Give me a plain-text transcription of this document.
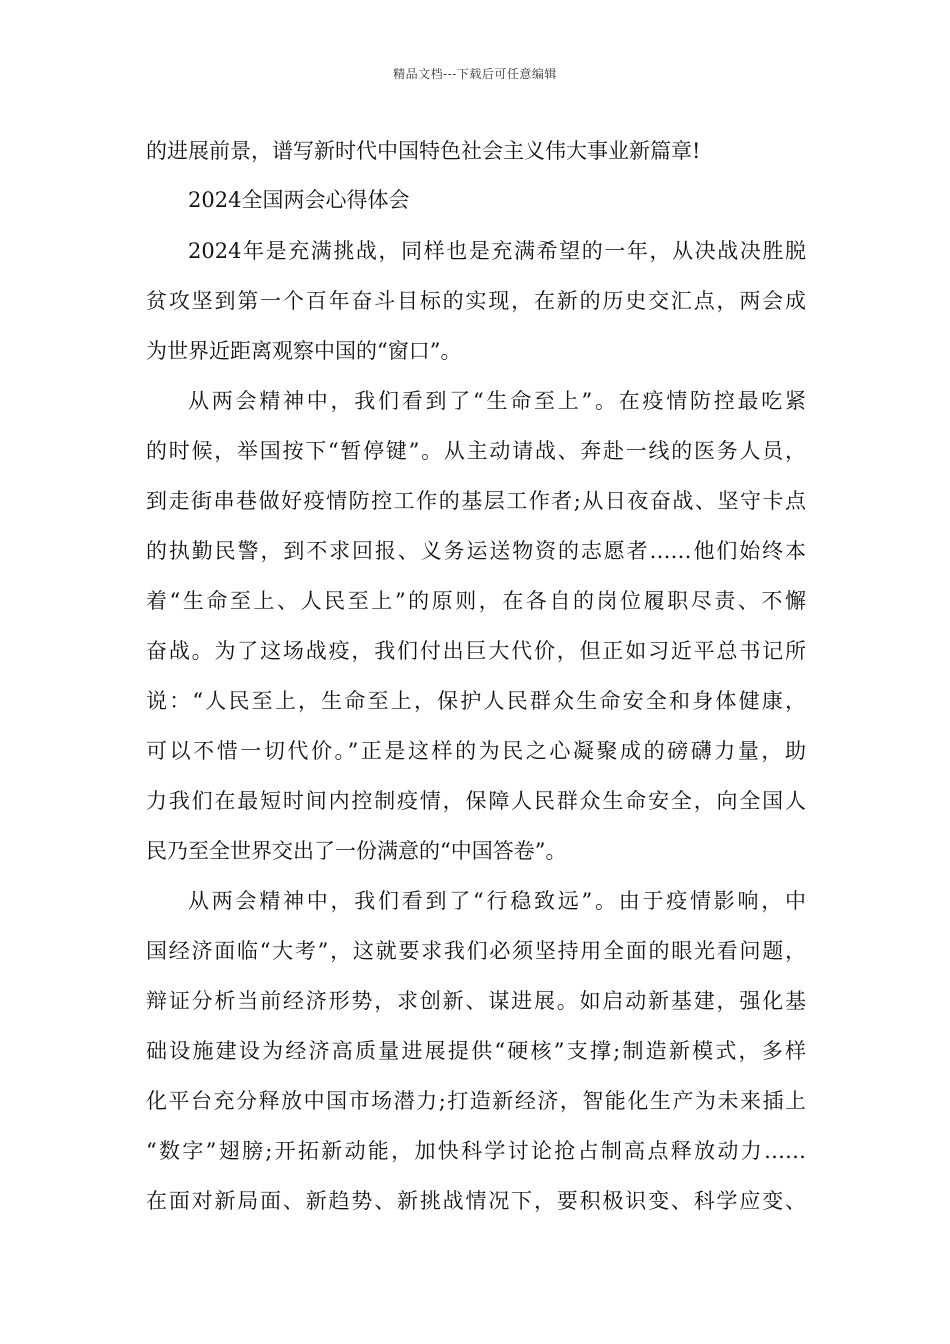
精品文档---下载后可任意编辑
的进展前景，谱写新时代中国特色社会主义伟大事业新篇章!
2024全国两会心得体会
2024年是充满挑战，同样也是充满希望的一年，从决战决胜脱
贫攻坚到第一个百年奋斗目标的实现，在新的历史交汇点，两会成
为世界近距离观察中国的“窗口”。
从两会精神中，我们看到了“生命至上”。在疫情防控最吃紧
的时候，举国按下“暂停键”。从主动请战、奔赴一线的医务人员，
到走街串巷做好疫情防控工作的基层工作者;从日夜奋战、坚守卡点
的执勤民警，到不求回报、义务运送物资的志愿者……他们始终本
着“生命至上、人民至上”的原则，在各自的岗位履职尽责、不懈
奋战。为了这场战疫，我们付出巨大代价，但正如习近平总书记所
说：“人民至上，生命至上，保护人民群众生命安全和身体健康，
可以不惜一切代价。”正是这样的为民之心凝聚成的磅礴力量，助
力我们在最短时间内控制疫情，保障人民群众生命安全，向全国人
民乃至全世界交出了一份满意的“中国答卷”。
从两会精神中，我们看到了“行稳致远”。由于疫情影响，中
国经济面临“大考”，这就要求我们必须坚持用全面的眼光看问题，
辩证分析当前经济形势，求创新、谋进展。如启动新基建，强化基
础设施建设为经济高质量进展提供“硬核”支撑;制造新模式，多样
化平台充分释放中国市场潜力;打造新经济，智能化生产为未来插上
“数字”翅膀;开拓新动能，加快科学讨论抢占制高点释放动力……
在面对新局面、新趋势、新挑战情况下，要积极识变、科学应变、
